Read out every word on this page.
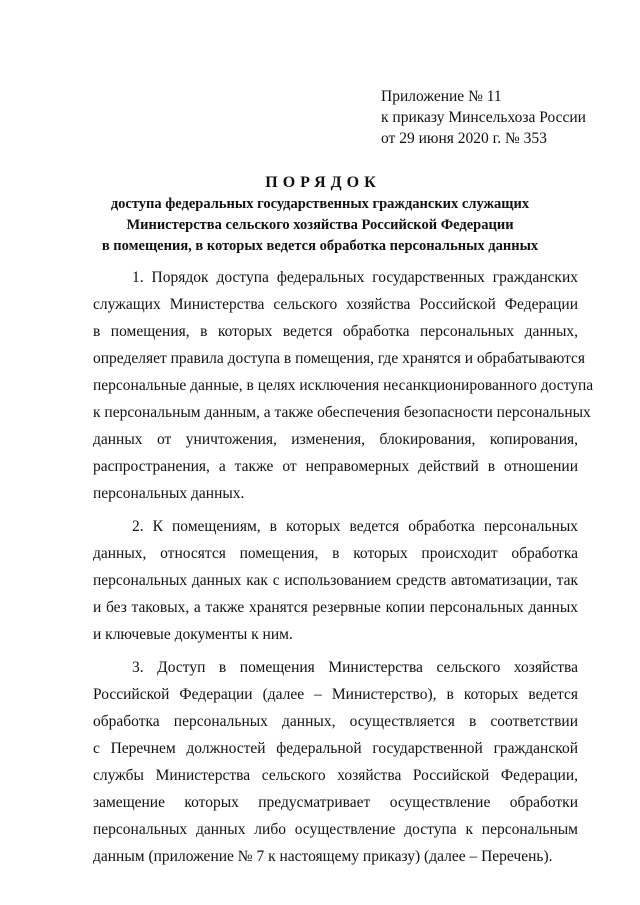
Приложение № 11
к приказу Минсельхоза России
от 29 июня 2020 г. № 353
ПОРЯДОК
доступа федеральных государственных гражданских служащих
Министерства сельского хозяйства Российской Федерации
в помещения, в которых ведется обработка персональных данных
1. Порядок доступа федеральных государственных гражданских
служащих Министерства сельского хозяйства Российской Федерации
в помещения, в которых ведется обработка персональных данных,
определяет правила доступа в помещения, где хранятся и обрабатываются
персональные данные, в целях исключения несанкционированного доступа
к персональным данным, а также обеспечения безопасности персональных
данных от уничтожения, изменения, блокирования, копирования,
распространения, а также от неправомерных действий в отношении
персональных данных.
2. К помещениям, в которых ведется обработка персональных
данных, относятся помещения, в которых происходит обработка
персональных данных как с использованием средств автоматизации, так
и без таковых, а также хранятся резервные копии персональных данных
и ключевые документы к ним.
3. Доступ в помещения Министерства сельского хозяйства
Российской Федерации (далее – Министерство), в которых ведется
обработка персональных данных, осуществляется в соответствии
с Перечнем должностей федеральной государственной гражданской
службы Министерства сельского хозяйства Российской Федерации,
замещение которых предусматривает осуществление обработки
персональных данных либо осуществление доступа к персональным
данным (приложение № 7 к настоящему приказу) (далее – Перечень).
